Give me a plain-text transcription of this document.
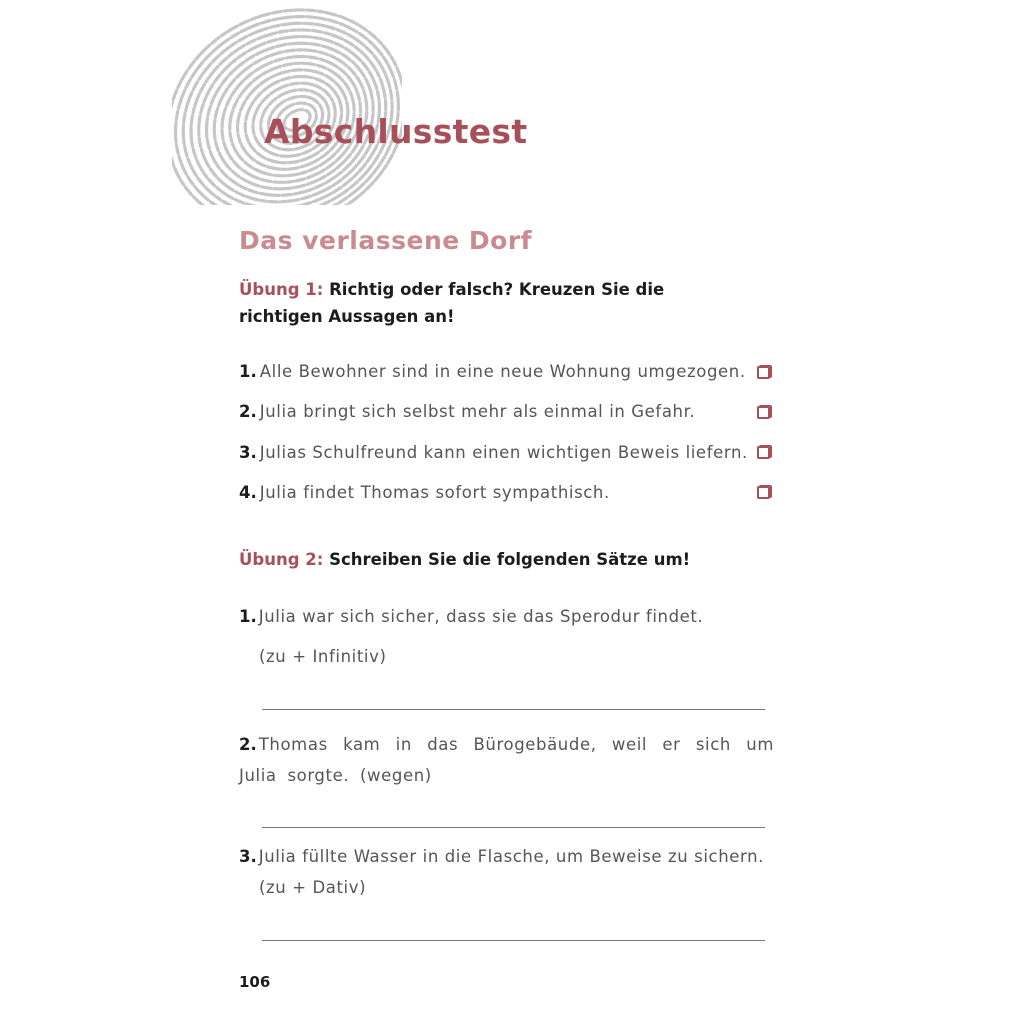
Abschlusstest
Das verlassene Dorf

Übung 1: Richtig oder falsch? Kreuzen Sie die richtigen Aussagen an!

1. Alle Bewohner sind in eine neue Wohnung umgezogen.
2. Julia bringt sich selbst mehr als einmal in Gefahr.
3. Julias Schulfreund kann einen wichtigen Beweis liefern.
4. Julia findet Thomas sofort sympathisch.

Übung 2: Schreiben Sie die folgenden Sätze um!

1. Julia war sich sicher, dass sie das Sperodur findet.
(zu + Infinitiv)
2. Thomas kam in das Bürogebäude, weil er sich um Julia sorgte. (wegen)
3. Julia füllte Wasser in die Flasche, um Beweise zu sichern.
(zu + Dativ)
106
